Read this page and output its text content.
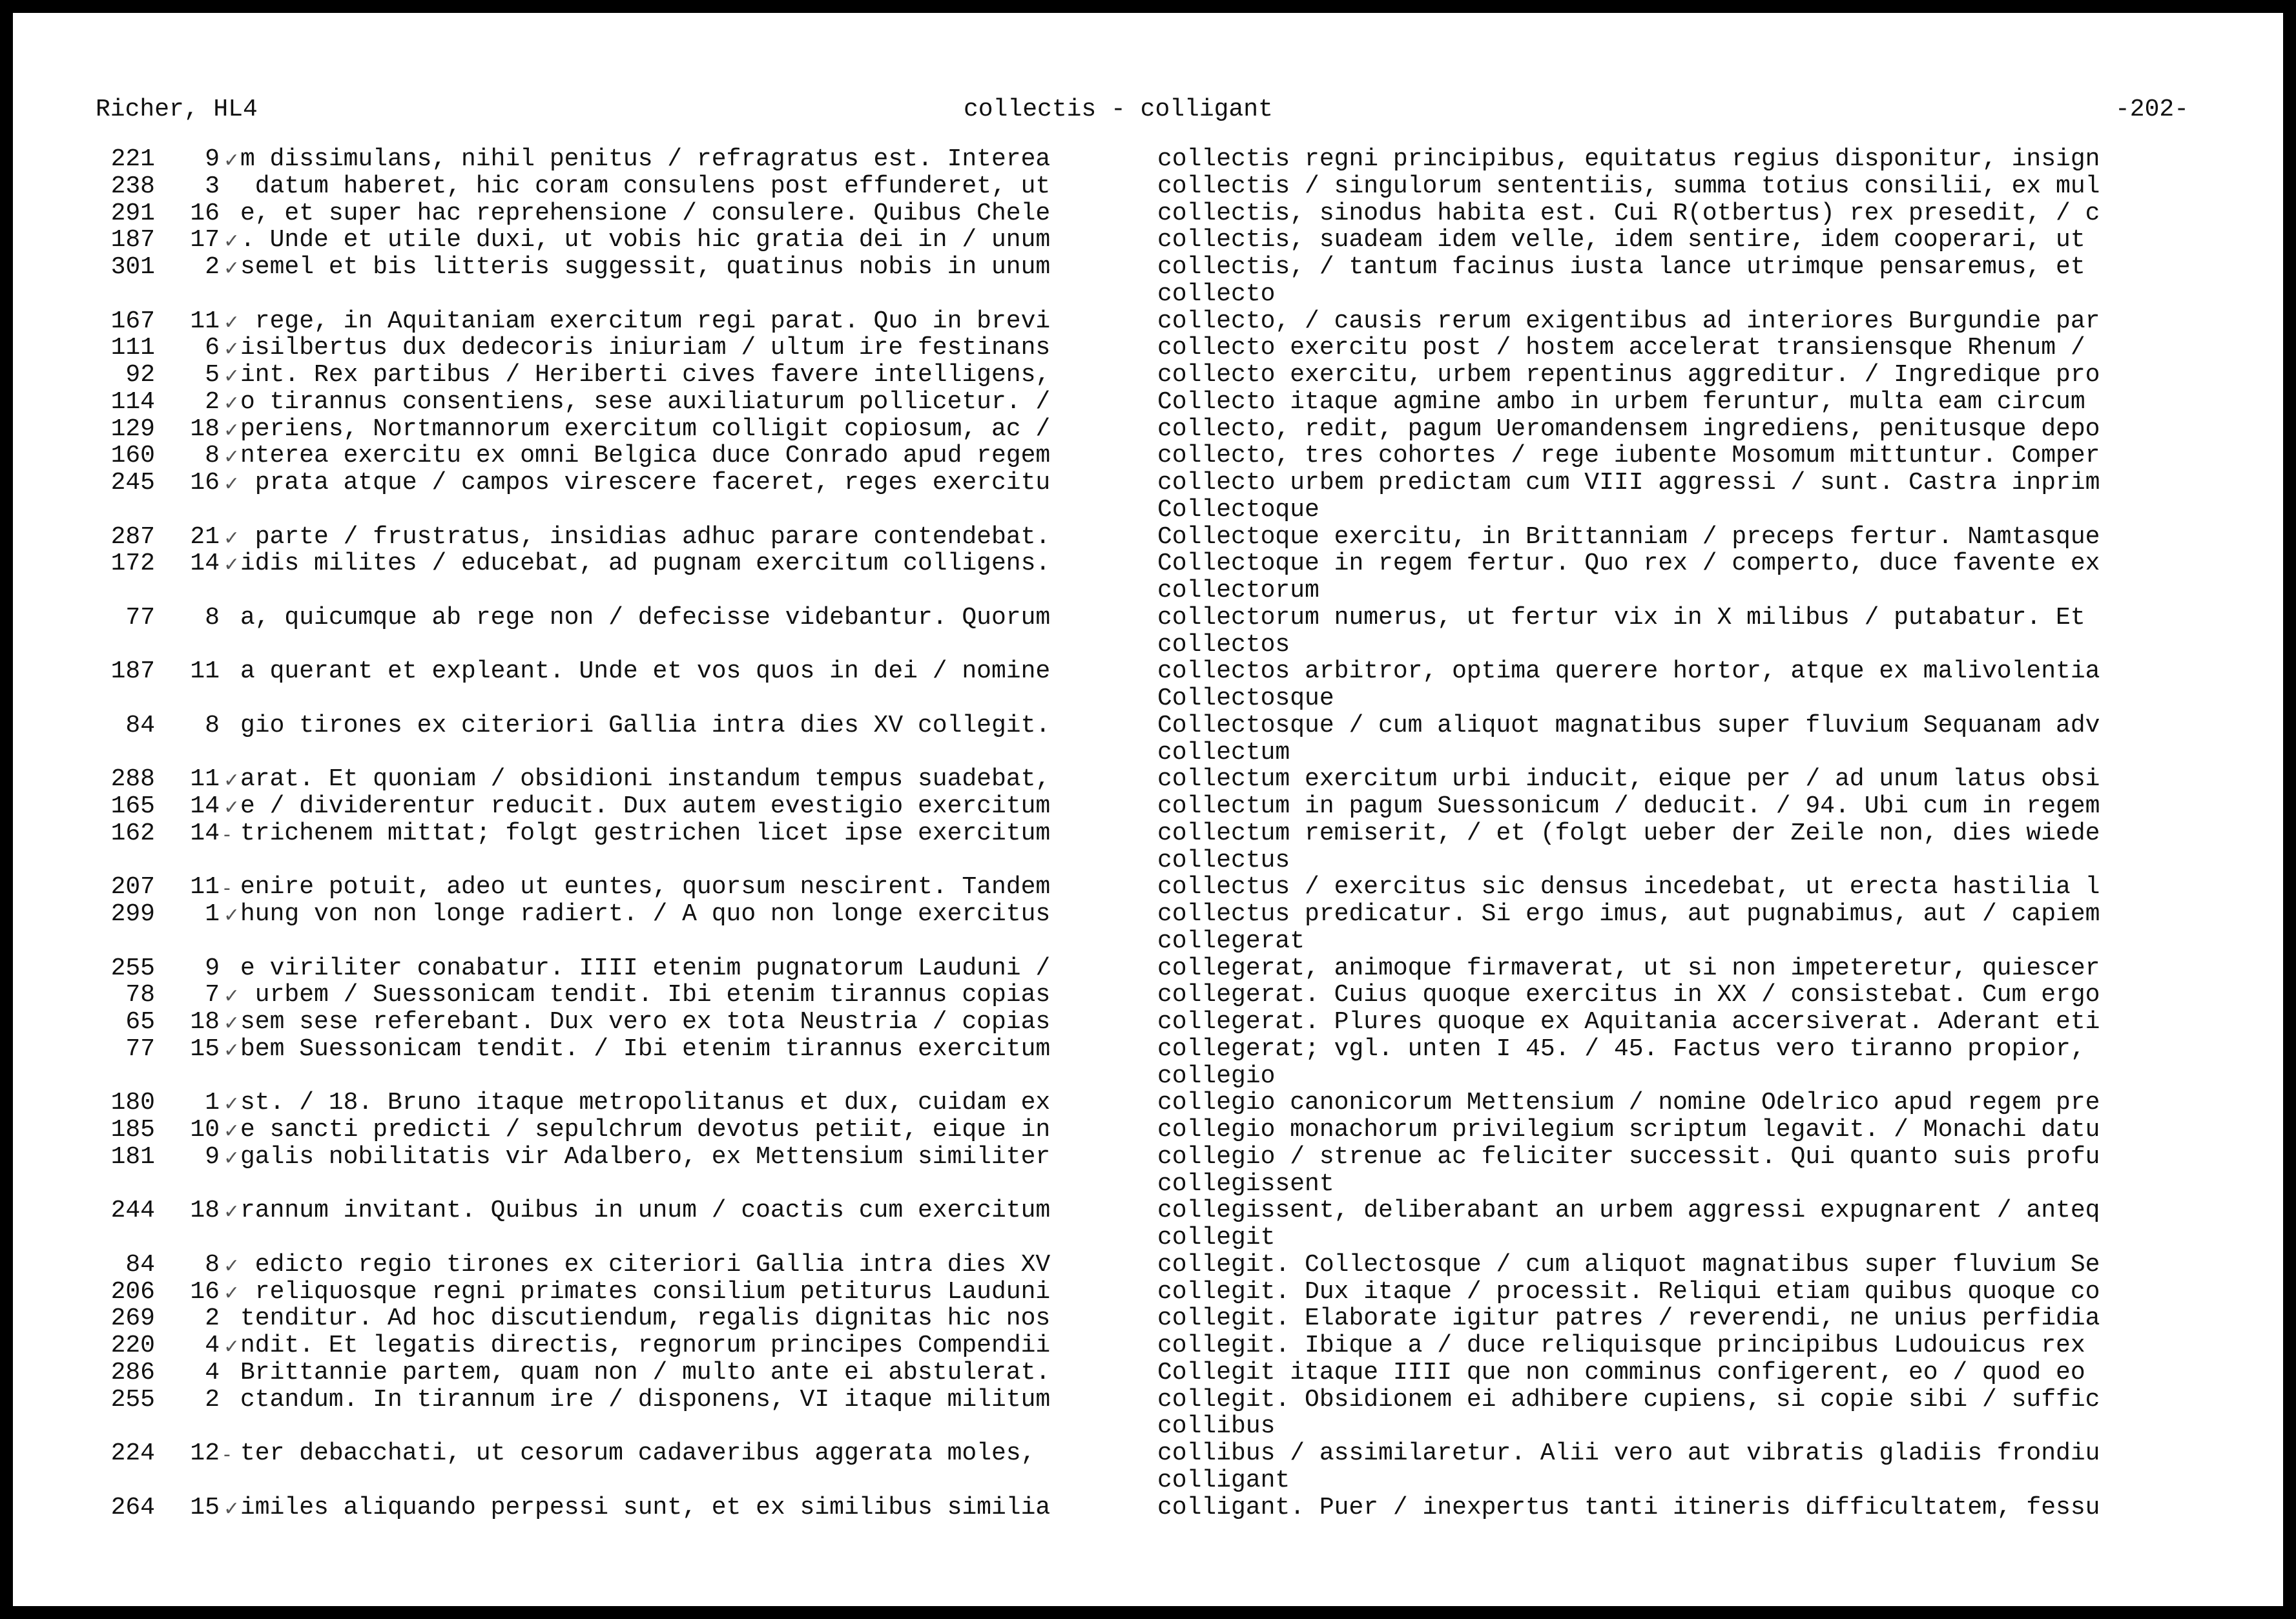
Richer, HL4	collectis - colligant	-202-
221	9 ✓ m dissimulans, nihil penitus / refragratus est. Interea	collectis regni principibus, equitatus regius disponitur, insign
238	3 datum haberet, hic coram consulens post effunderet, ut	collectis / singulorum sententiis, summa totius consilii, ex mul
291	16 e, et super hac reprehensione / consulere. Quibus Chele	collectis, sinodus habita est. Cui R(otbertus) rex presedit, / c
187	17 ✓ . Unde et utile duxi, ut vobis hic gratia dei in / unum	collectis, suadeam idem velle, idem sentire, idem cooperari, ut
301	2 ✓ semel et bis litteris suggessit, quatinus nobis in unum	collectis, / tantum facinus iusta lance utrimque pensaremus, et
collecto
167	11 ✓ rege, in Aquitaniam exercitum regi parat. Quo in brevi	collecto, / causis rerum exigentibus ad interiores Burgundie par
111	6 ✓ isilbertus dux dedecoris iniuriam / ultum ire festinans	collecto exercitu post / hostem accelerat transiensque Rhenum /
92	5 ✓ int. Rex partibus / Heriberti cives favere intelligens,	collecto exercitu, urbem repentinus aggreditur. / Ingredique pro
114	2 ✓ o tirannus consentiens, sese auxiliaturum pollicetur. /	Collecto itaque agmine ambo in urbem feruntur, multa eam circum
129	18 ✓ periens, Nortmannorum exercitum colligit copiosum, ac /	collecto, redit, pagum Ueromandensem ingrediens, penitusque depo
160	8 ✓ nterea exercitu ex omni Belgica duce Conrado apud regem	collecto, tres cohortes / rege iubente Mosomum mittuntur. Comper
245	16 ✓ prata atque / campos virescere faceret, reges exercitu	collecto urbem predictam cum VIII aggressi / sunt. Castra inprim
Collectoque
287	21 ✓ parte / frustratus, insidias adhuc parare contendebat.	Collectoque exercitu, in Brittanniam / preceps fertur. Namtasque
172	14 ✓ idis milites / educebat, ad pugnam exercitum colligens.	Collectoque in regem fertur. Quo rex / comperto, duce favente ex
collectorum
77	8 a, quicumque ab rege non / defecisse videbantur. Quorum	collectorum numerus, ut fertur vix in X milibus / putabatur. Et
collectos
187	11 a querant et expleant. Unde et vos quos in dei / nomine	collectos arbitror, optima querere hortor, atque ex malivolentia
Collectosque
84	8 gio tirones ex citeriori Gallia intra dies XV collegit.	Collectosque / cum aliquot magnatibus super fluvium Sequanam adv
collectum
288	11 ✓ arat. Et quoniam / obsidioni instandum tempus suadebat,	collectum exercitum urbi inducit, eique per / ad unum latus obsi
165	14 ✓ e / dividerentur reducit. Dux autem evestigio exercitum	collectum in pagum Suessonicum / deducit. / 94. Ubi cum in regem
162	14 - trichenem mittat; folgt gestrichen licet ipse exercitum	collectum remiserit, / et (folgt ueber der Zeile non, dies wiede
collectus
207	11 - enire potuit, adeo ut euntes, quorsum nescirent. Tandem	collectus / exercitus sic densus incedebat, ut erecta hastilia l
299	1 ✓ hung von non longe radiert. / A quo non longe exercitus	collectus predicatur. Si ergo imus, aut pugnabimus, aut / capiem
collegerat
255	9 e viriliter conabatur. IIII etenim pugnatorum Lauduni /	collegerat, animoque firmaverat, ut si non impeteretur, quiescer
78	7 ✓ urbem / Suessonicam tendit. Ibi etenim tirannus copias	collegerat. Cuius quoque exercitus in XX / consistebat. Cum ergo
65	18 ✓ sem sese referebant. Dux vero ex tota Neustria / copias	collegerat. Plures quoque ex Aquitania accersiverat. Aderant eti
77	15 ✓ bem Suessonicam tendit. / Ibi etenim tirannus exercitum	collegerat; vgl. unten I 45. / 45. Factus vero tiranno propior,
collegio
180	1 ✓ st. / 18. Bruno itaque metropolitanus et dux, cuidam ex	collegio canonicorum Mettensium / nomine Odelrico apud regem pre
185	10 ✓ e sancti predicti / sepulchrum devotus petiit, eique in	collegio monachorum privilegium scriptum legavit. / Monachi datu
181	9 ✓ galis nobilitatis vir Adalbero, ex Mettensium similiter	collegio / strenue ac feliciter successit. Qui quanto suis profu
collegissent
244	18 ✓ rannum invitant. Quibus in unum / coactis cum exercitum	collegissent, deliberabant an urbem aggressi expugnarent / anteq
collegit
84	8 ✓ edicto regio tirones ex citeriori Gallia intra dies XV	collegit. Collectosque / cum aliquot magnatibus super fluvium Se
206	16 ✓ reliquosque regni primates consilium petiturus Lauduni	collegit. Dux itaque / processit. Reliqui etiam quibus quoque co
269	2 tenditur. Ad hoc discutiendum, regalis dignitas hic nos	collegit. Elaborate igitur patres / reverendi, ne unius perfidia
220	4 ✓ ndit. Et legatis directis, regnorum principes Compendii	collegit. Ibique a / duce reliquisque principibus Ludouicus rex
286	4 Brittannie partem, quam non / multo ante ei abstulerat.	Collegit itaque IIII que non comminus configerent, eo / quod eo
255	2 ctandum. In tirannum ire / disponens, VI itaque militum	collegit. Obsidionem ei adhibere cupiens, si copie sibi / suffic
collibus
224	12 - ter debacchati, ut cesorum cadaveribus aggerata moles,	collibus / assimilaretur. Alii vero aut vibratis gladiis frondiu
colligant
264	15 ✓ imiles aliquando perpessi sunt, et ex similibus similia	colligant. Puer / inexpertus tanti itineris difficultatem, fessu
